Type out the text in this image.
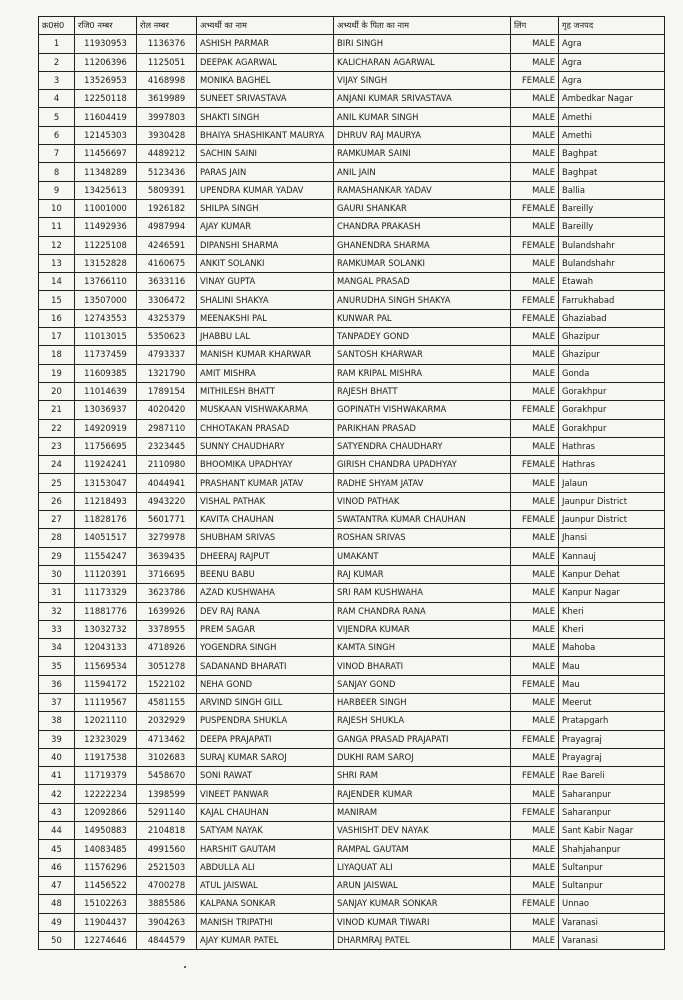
क्र0सं0	रजि0 नम्बर	रोल नम्बर	अभ्यर्थी का नाम	अभ्यर्थी के पिता का नाम	लिंग	गृह जनपद
1	11930953	1136376	ASHISH PARMAR	BIRI SINGH	MALE	Agra
2	11206396	1125051	DEEPAK AGARWAL	KALICHARAN AGARWAL	MALE	Agra
3	13526953	4168998	MONIKA BAGHEL	VIJAY SINGH	FEMALE	Agra
4	12250118	3619989	SUNEET SRIVASTAVA	ANJANI KUMAR SRIVASTAVA	MALE	Ambedkar Nagar
5	11604419	3997803	SHAKTI SINGH	ANIL KUMAR SINGH	MALE	Amethi
6	12145303	3930428	BHAIYA SHASHIKANT MAURYA	DHRUV RAJ MAURYA	MALE	Amethi
7	11456697	4489212	SACHIN SAINI	RAMKUMAR SAINI	MALE	Baghpat
8	11348289	5123436	PARAS JAIN	ANIL JAIN	MALE	Baghpat
9	13425613	5809391	UPENDRA KUMAR YADAV	RAMASHANKAR YADAV	MALE	Ballia
10	11001000	1926182	SHILPA SINGH	GAURI SHANKAR	FEMALE	Bareilly
11	11492936	4987994	AJAY KUMAR	CHANDRA PRAKASH	MALE	Bareilly
12	11225108	4246591	DIPANSHI SHARMA	GHANENDRA SHARMA	FEMALE	Bulandshahr
13	13152828	4160675	ANKIT SOLANKI	RAMKUMAR SOLANKI	MALE	Bulandshahr
14	13766110	3633116	VINAY GUPTA	MANGAL PRASAD	MALE	Etawah
15	13507000	3306472	SHALINI SHAKYA	ANURUDHA SINGH SHAKYA	FEMALE	Farrukhabad
16	12743553	4325379	MEENAKSHI PAL	KUNWAR PAL	FEMALE	Ghaziabad
17	11013015	5350623	JHABBU LAL	TANPADEY GOND	MALE	Ghazipur
18	11737459	4793337	MANISH KUMAR KHARWAR	SANTOSH KHARWAR	MALE	Ghazipur
19	11609385	1321790	AMIT MISHRA	RAM KRIPAL MISHRA	MALE	Gonda
20	11014639	1789154	MITHILESH BHATT	RAJESH BHATT	MALE	Gorakhpur
21	13036937	4020420	MUSKAAN VISHWAKARMA	GOPINATH VISHWAKARMA	FEMALE	Gorakhpur
22	14920919	2987110	CHHOTAKAN PRASAD	PARIKHAN PRASAD	MALE	Gorakhpur
23	11756695	2323445	SUNNY CHAUDHARY	SATYENDRA CHAUDHARY	MALE	Hathras
24	11924241	2110980	BHOOMIKA UPADHYAY	GIRISH CHANDRA UPADHYAY	FEMALE	Hathras
25	13153047	4044941	PRASHANT KUMAR JATAV	RADHE SHYAM JATAV	MALE	Jalaun
26	11218493	4943220	VISHAL PATHAK	VINOD PATHAK	MALE	Jaunpur District
27	11828176	5601771	KAVITA CHAUHAN	SWATANTRA KUMAR CHAUHAN	FEMALE	Jaunpur District
28	14051517	3279978	SHUBHAM SRIVAS	ROSHAN SRIVAS	MALE	Jhansi
29	11554247	3639435	DHEERAJ RAJPUT	UMAKANT	MALE	Kannauj
30	11120391	3716695	BEENU BABU	RAJ KUMAR	MALE	Kanpur Dehat
31	11173329	3623786	AZAD KUSHWAHA	SRI RAM KUSHWAHA	MALE	Kanpur Nagar
32	11881776	1639926	DEV RAJ RANA	RAM CHANDRA RANA	MALE	Kheri
33	13032732	3378955	PREM SAGAR	VIJENDRA KUMAR	MALE	Kheri
34	12043133	4718926	YOGENDRA SINGH	KAMTA SINGH	MALE	Mahoba
35	11569534	3051278	SADANAND BHARATI	VINOD BHARATI	MALE	Mau
36	11594172	1522102	NEHA GOND	SANJAY GOND	FEMALE	Mau
37	11119567	4581155	ARVIND SINGH GILL	HARBEER SINGH	MALE	Meerut
38	12021110	2032929	PUSPENDRA SHUKLA	RAJESH SHUKLA	MALE	Pratapgarh
39	12323029	4713462	DEEPA PRAJAPATI	GANGA PRASAD PRAJAPATI	FEMALE	Prayagraj
40	11917538	3102683	SURAJ KUMAR SAROJ	DUKHI RAM SAROJ	MALE	Prayagraj
41	11719379	5458670	SONI RAWAT	SHRI RAM	FEMALE	Rae Bareli
42	12222234	1398599	VINEET PANWAR	RAJENDER KUMAR	MALE	Saharanpur
43	12092866	5291140	KAJAL CHAUHAN	MANIRAM	FEMALE	Saharanpur
44	14950883	2104818	SATYAM NAYAK	VASHISHT DEV NAYAK	MALE	Sant Kabir Nagar
45	14083485	4991560	HARSHIT GAUTAM	RAMPAL GAUTAM	MALE	Shahjahanpur
46	11576296	2521503	ABDULLA ALI	LIYAQUAT ALI	MALE	Sultanpur
47	11456522	4700278	ATUL JAISWAL	ARUN JAISWAL	MALE	Sultanpur
48	15102263	3885586	KALPANA SONKAR	SANJAY KUMAR SONKAR	FEMALE	Unnao
49	11904437	3904263	MANISH TRIPATHI	VINOD KUMAR TIWARI	MALE	Varanasi
50	12274646	4844579	AJAY KUMAR PATEL	DHARMRAJ PATEL	MALE	Varanasi
